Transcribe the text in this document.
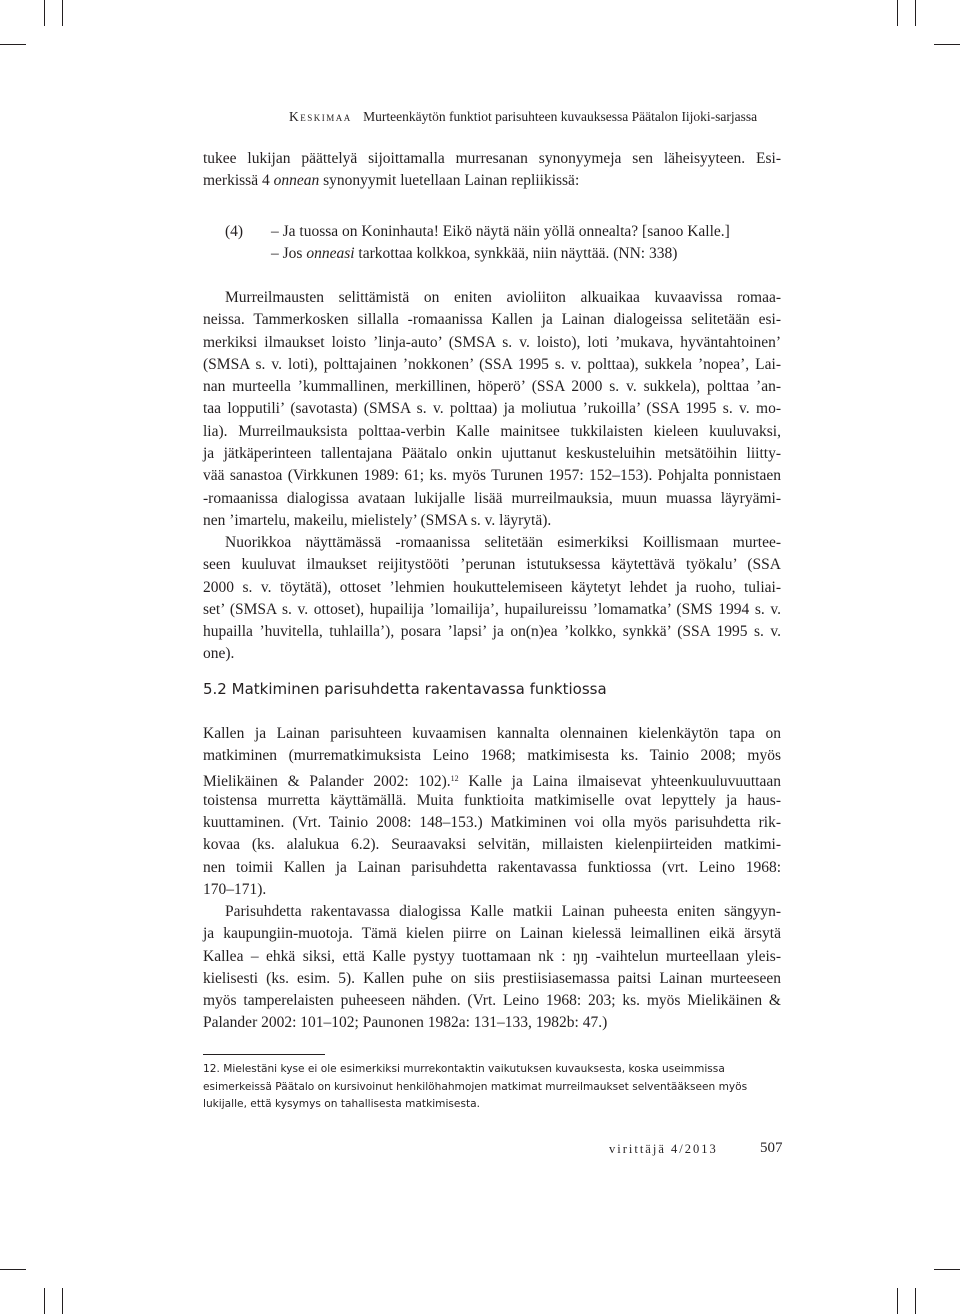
Keskimaa Murteenkäytön funktiot parisuhteen kuvauksessa Päätalon Iijoki-sarjassa
tukee lukijan päättelyä sijoittamalla murresanan synonyymeja sen läheisyyteen. Esi-
merkissä 4 onnean synonyymit luetellaan Lainan repliikissä:
(4) – Ja tuossa on Koninhauta! Eikö näytä näin yöllä onnealta? [sanoo Kalle.]
– Jos onneasi tarkottaa kolkkoa, synkkää, niin näyttää. (NN: 338)
Murreilmausten selittämistä on eniten avioliiton alkuaikaa kuvaavissa romaa-
neissa. Tammerkosken sillalla -romaanissa Kallen ja Lainan dialogeissa selitetään esi-
merkiksi ilmaukset loisto ’linja-auto’ (SMSA s. v. loisto), loti ’mukava, hyväntahtoinen’
(SMSA s. v. loti), polttajainen ’nokkonen’ (SSA 1995 s. v. polttaa), sukkela ’nopea’, Lai-
nan murteella ’kummallinen, merkillinen, höperö’ (SSA 2000 s. v. sukkela), polttaa ’an-
taa lopputili’ (savotasta) (SMSA s. v. polttaa) ja moliutua ’rukoilla’ (SSA 1995 s. v. mo-
lia). Murreilmauksista polttaa-verbin Kalle mainitsee tukkilaisten kieleen kuuluvaksi,
ja jätkäperinteen tallentajana Päätalo onkin ujuttanut keskusteluihin metsätöihin liitty-
vää sanastoa (Virkkunen 1989: 61; ks. myös Turunen 1957: 152–153). Pohjalta ponnistaen
-romaanissa dialogissa avataan lukijalle lisää murreilmauksia, muun muassa läyryämi-
nen ’imartelu, makeilu, mielistely’ (SMSA s. v. läyrytä).
Nuorikkoa näyttämässä -romaanissa selitetään esimerkiksi Koillismaan murtee-
seen kuuluvat ilmaukset reijitystööti ’perunan istutuksessa käytettävä työkalu’ (SSA
2000 s. v. töytätä), ottoset ’lehmien houkuttelemiseen käytetyt lehdet ja ruoho, tuliai-
set’ (SMSA s. v. ottoset), hupailija ’lomailija’, hupailureissu ’lomamatka’ (SMS 1994 s. v.
hupailla ’huvitella, tuhlailla’), posara ’lapsi’ ja on(n)ea ’kolkko, synkkä’ (SSA 1995 s. v.
one).
5.2 Matkiminen parisuhdetta rakentavassa funktiossa
Kallen ja Lainan parisuhteen kuvaamisen kannalta olennainen kielenkäytön tapa on
matkiminen (murrematkimuksista Leino 1968; matkimisesta ks. Tainio 2008; myös
Mielikäinen & Palander 2002: 102).$^{12}$ Kalle ja Laina ilmaisevat yhteenkuuluvuuttaan
toistensa murretta käyttämällä. Muita funktioita matkimiselle ovat lepyttely ja haus-
kuuttaminen. (Vrt. Tainio 2008: 148–153.) Matkiminen voi olla myös parisuhdetta rik-
kovaa (ks. alalukua 6.2). Seuraavaksi selvitän, millaisten kielenpiirteiden matkimi-
nen toimii Kallen ja Lainan parisuhdetta rakentavassa funktiossa (vrt. Leino 1968:
170–171).
Parisuhdetta rakentavassa dialogissa Kalle matkii Lainan puheesta eniten sängyyn-
ja kaupungiin-muotoja. Tämä kielen piirre on Lainan kielessä leimallinen eikä ärsytä
Kallea – ehkä siksi, että Kalle pystyy tuottamaan nk : ŋŋ -vaihtelun murteellaan yleis-
kielisesti (ks. esim. 5). Kallen puhe on siis prestiisiasemassa paitsi Lainan murteeseen
myös tamperelaisten puheeseen nähden. (Vrt. Leino 1968: 203; ks. myös Mielikäinen &
Palander 2002: 101–102; Paunonen 1982a: 131–133, 1982b: 47.)
12. Mielestäni kyse ei ole esimerkiksi murrekontaktin vaikutuksen kuvauksesta, koska useimmissa esimerkeissä Päätalo on kursivoinut henkilöhahmojen matkimat murreilmaukset selventääkseen myös lukijalle, että kysymys on tahallisesta matkimisesta.
virittäjä 4/2013	507
